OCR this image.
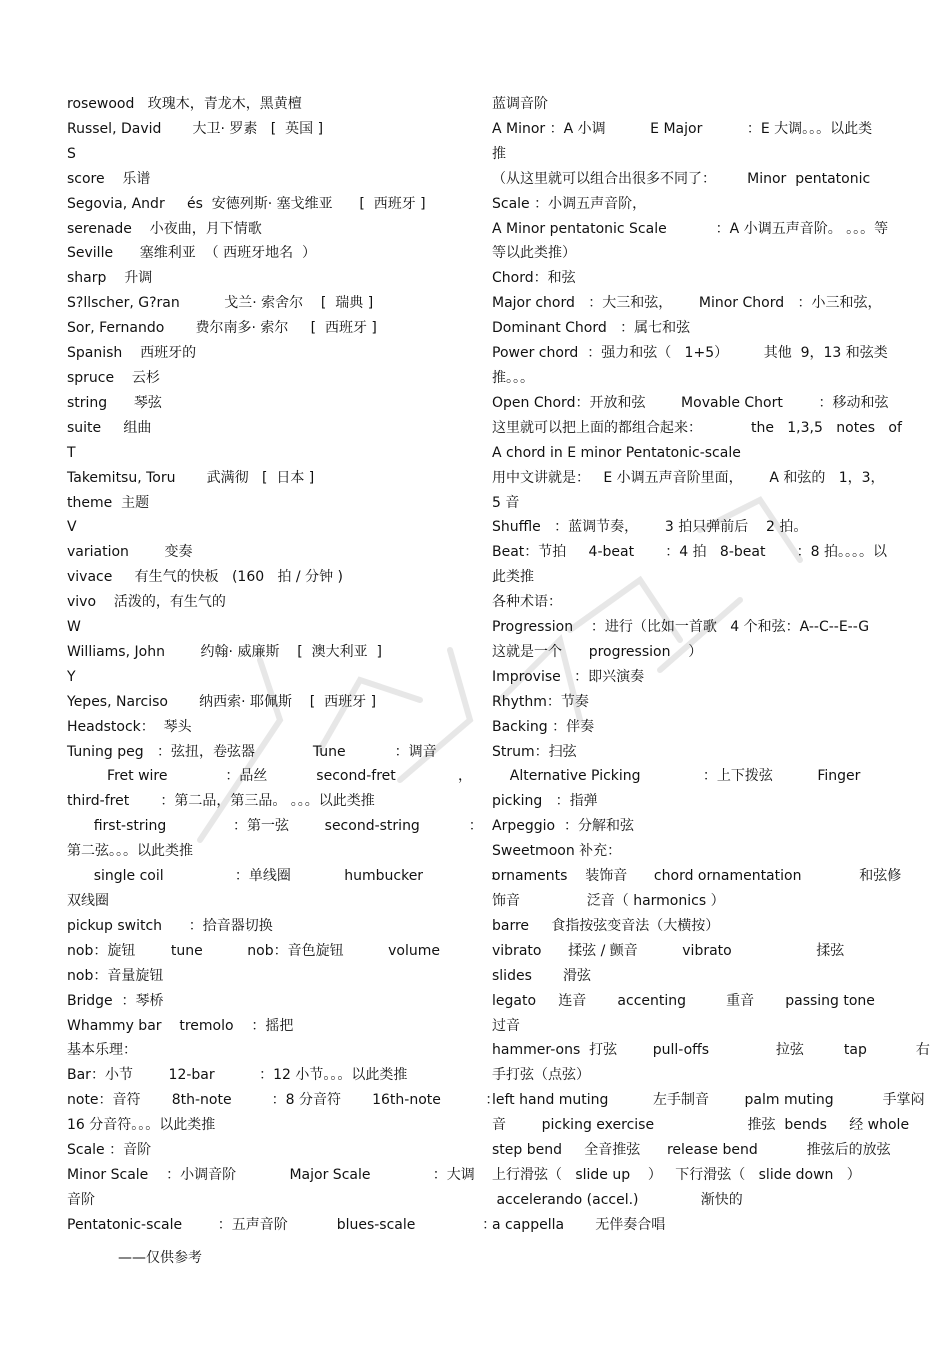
rosewood   玫瑰木，青龙木，黑黄檀
Russel, David       大卫· 罗素   [  英国 ]
S
score    乐谱
Segovia, Andr     és  安德列斯· 塞戈维亚      [  西班牙 ]
serenade    小夜曲，月下情歌
Seville      塞维利亚  （ 西班牙地名  ）
sharp    升调
S?llscher, G?ran          戈兰· 索舍尔    [  瑞典 ]
Sor, Fernando       费尔南多· 索尔     [  西班牙 ]
Spanish    西班牙的
spruce    云杉
string      琴弦
suite     组曲
T
Takemitsu, Toru       武满彻   [  日本 ]
theme  主题
V
variation        变奏
vivace     有生气的快板   (160   拍 / 分钟 )
vivo    活泼的，有生气的
W
Williams, John        约翰· 威廉斯    [  澳大利亚  ]
Y
Yepes, Narciso       纳西索· 耶佩斯    [  西班牙 ]
Headstock：  琴头
Tuning peg   ：弦扭，卷弦器             Tune           ：调音
Fret wire             ：品丝           second-fret              ，
third-fret       ：第二品，第三品。 。。。以此类推
first-string               ：第一弦        second-string           ：
第二弦。。。以此类推
single coil                ：单线圈            humbucker               ：
双线圈
pickup switch      ：拾音器切换
nob：旋钮        tune          nob：音色旋钮          volume
nob：音量旋钮
Bridge  ：琴桥
Whammy bar    tremolo    ：摇把
基本乐理：
Bar：小节        12-bar          ：12 小节。。。以此类推
note：音符       8th-note         ：8 分音符       16th-note          ：
16 分音符。。。以此类推
Scale ：音阶
Minor Scale    ：小调音阶            Major Scale              ：大调
音阶
Pentatonic-scale        ：五声音阶           blues-scale               ：
蓝调音阶
A Minor ：A 小调          E Major          ：E 大调。。。以此类
推
（从这里就可以组合出很多不同了：       Minor  pentatonic
Scale ：小调五声音阶，
A Minor pentatonic Scale           ：A 小调五声音阶。 。。。等
等以此类推）
Chord：和弦
Major chord   ：大三和弦，      Minor Chord   ：小三和弦，
Dominant Chord   ：属七和弦
Power chord  ：强力和弦（   1+5）        其他  9，13 和弦类
推。。。
Open Chord：开放和弦        Movable Chort        ：移动和弦
这里就可以把上面的都组合起来：           the   1,3,5   notes   of
A chord in E minor Pentatonic-scale
用中文讲就是：   E 小调五声音阶里面，      A 和弦的   1，3，
5 音
Shuffle   ：蓝调节奏，      3 拍只弹前后    2 拍。
Beat：节拍     4-beat       ：4 拍   8-beat       ：8 拍。。。。以
此类推
各种术语：
Progression    ：进行（比如一首歌   4 个和弦：A--C--E--G
这就是一个      progression    ）
Improvise   ：即兴演奏
Rhythm：节奏
Backing ：伴奏
Strum：扫弦
Alternative Picking              ：上下拨弦          Finger
picking   ：指弹
Arpeggio  ：分解和弦
Sweetmoon 补充：
ornaments    装饰音      chord ornamentation             和弦修
饰音               泛音（ harmonics ）
barre     食指按弦变音法（大横按）
vibrato      揉弦 / 颤音          vibrato                   揉弦
slides       滑弦
legato     连音       accenting         重音       passing tone
过音
hammer-ons  打弦        pull-offs               拉弦         tap           右
手打弦（点弦）
left hand muting          左手制音        palm muting           手掌闷
音        picking exercise                     推弦  bends     经 whole
step bend     全音推弦      release bend           推弦后的放弦
上行滑弦（   slide up    ）   下行滑弦（   slide down   ）
accelerando (accel.)              渐快的
a cappella       无伴奏合唱
——仅供参考
